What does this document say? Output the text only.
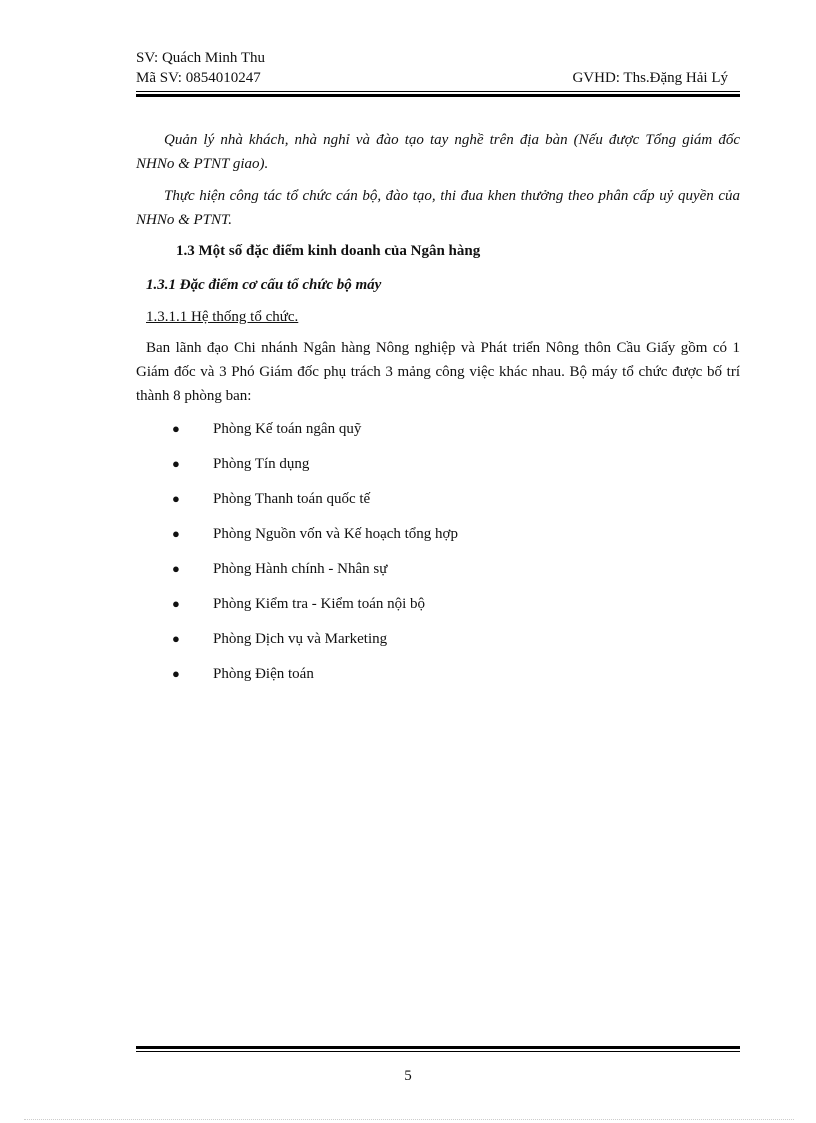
SV: Quách Minh Thu
Mã SV: 0854010247	GVHD: Ths.Đặng Hải Lý

Quản lý nhà khách, nhà nghỉ và đào tạo tay nghề trên địa bàn (Nếu được Tổng giám đốc NHNo & PTNT giao).

Thực hiện công tác tổ chức cán bộ, đào tạo, thi đua khen thưởng theo phân cấp uỷ quyền của NHNo & PTNT.

1.3 Một số đặc điểm kinh doanh của Ngân hàng
1.3.1 Đặc điểm cơ cấu tổ chức bộ máy
1.3.1.1 Hệ thống tổ chức.

Ban lãnh đạo Chi nhánh Ngân hàng Nông nghiệp và Phát triển Nông thôn Cầu Giấy gồm có 1 Giám đốc và 3 Phó Giám đốc phụ trách 3 mảng công việc khác nhau. Bộ máy tổ chức được bố trí thành 8 phòng ban:

● Phòng Kế toán ngân quỹ
● Phòng Tín dụng
● Phòng Thanh toán quốc tế
● Phòng Nguồn vốn và Kế hoạch tổng hợp
● Phòng Hành chính - Nhân sự
● Phòng Kiểm tra - Kiểm toán nội bộ
● Phòng Dịch vụ và Marketing
● Phòng Điện toán
5
